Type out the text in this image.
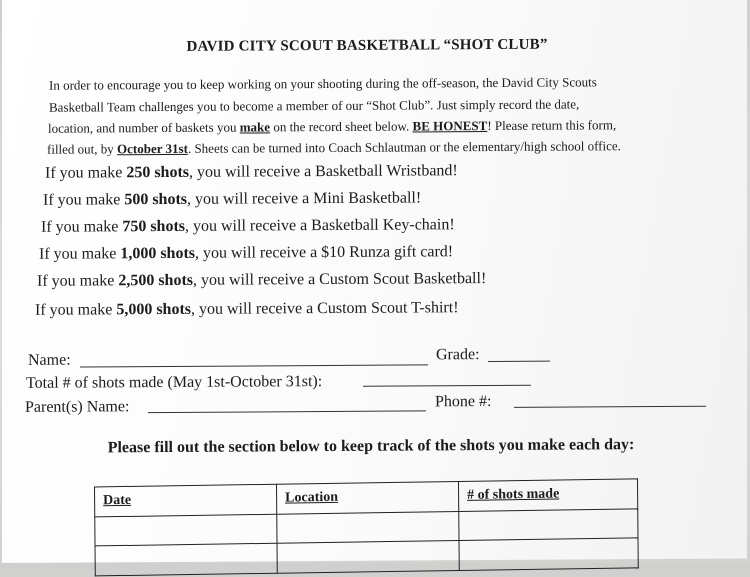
DAVID CITY SCOUT BASKETBALL “SHOT CLUB”
In order to encourage you to keep working on your shooting during the off-season, the David City Scouts
Basketball Team challenges you to become a member of our “Shot Club”. Just simply record the date,
location, and number of baskets you make on the record sheet below. BE HONEST! Please return this form,
filled out, by October 31st. Sheets can be turned into Coach Schlautman or the elementary/high school office.
If you make 250 shots, you will receive a Basketball Wristband!
If you make 500 shots, you will receive a Mini Basketball!
If you make 750 shots, you will receive a Basketball Key-chain!
If you make 1,000 shots, you will receive a $10 Runza gift card!
If you make 2,500 shots, you will receive a Custom Scout Basketball!
If you make 5,000 shots, you will receive a Custom Scout T-shirt!
Name:	Grade:
Total # of shots made (May 1st-October 31st):
Parent(s) Name:	Phone #:
Please fill out the section below to keep track of the shots you make each day:
Date	Location	# of shots made
